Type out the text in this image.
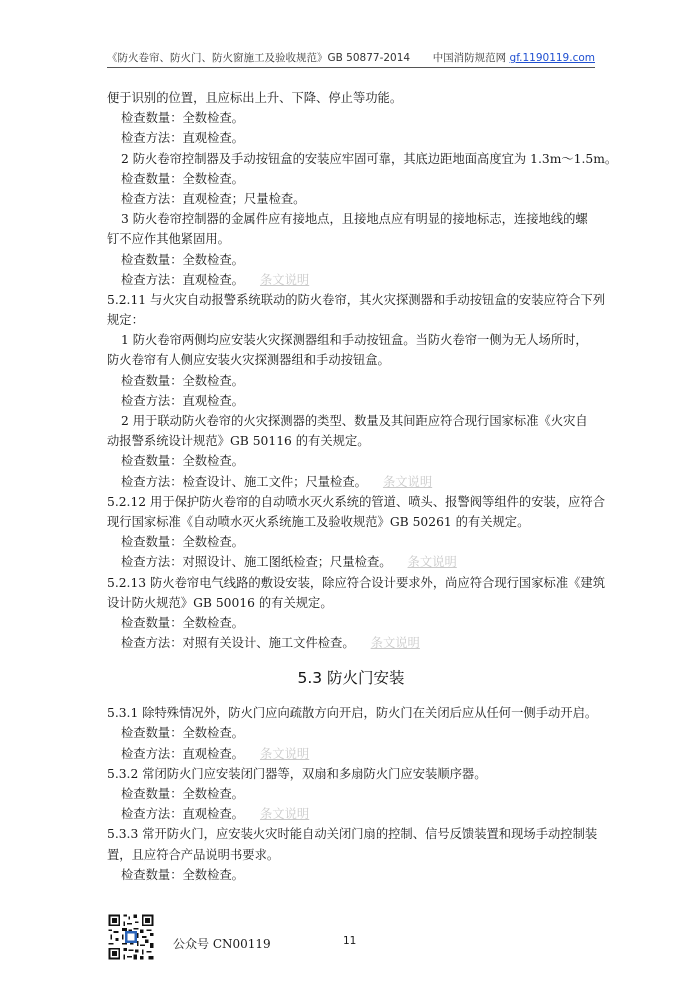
《防火卷帘、防火门、防火窗施工及验收规范》GB 50877-2014 中国消防规范网 gf.1190119.com
便于识别的位置，且应标出上升、下降、停止等功能。
检查数量：全数检查。
检查方法：直观检查。
2 防火卷帘控制器及手动按钮盒的安装应牢固可靠，其底边距地面高度宜为 1.3m～1.5m。
检查数量：全数检查。
检查方法：直观检查；尺量检查。
3 防火卷帘控制器的金属件应有接地点，且接地点应有明显的接地标志，连接地线的螺
钉不应作其他紧固用。
检查数量：全数检查。
检查方法：直观检查。 条文说明
5.2.11 与火灾自动报警系统联动的防火卷帘，其火灾探测器和手动按钮盒的安装应符合下列
规定：
1 防火卷帘两侧均应安装火灾探测器组和手动按钮盒。当防火卷帘一侧为无人场所时，
防火卷帘有人侧应安装火灾探测器组和手动按钮盒。
检查数量：全数检查。
检查方法：直观检查。
2 用于联动防火卷帘的火灾探测器的类型、数量及其间距应符合现行国家标准《火灾自
动报警系统设计规范》GB 50116 的有关规定。
检查数量：全数检查。
检查方法：检查设计、施工文件；尺量检查。 条文说明
5.2.12 用于保护防火卷帘的自动喷水灭火系统的管道、喷头、报警阀等组件的安装，应符合
现行国家标准《自动喷水灭火系统施工及验收规范》GB 50261 的有关规定。
检查数量：全数检查。
检查方法：对照设计、施工图纸检查；尺量检查。 条文说明
5.2.13 防火卷帘电气线路的敷设安装，除应符合设计要求外，尚应符合现行国家标准《建筑
设计防火规范》GB 50016 的有关规定。
检查数量：全数检查。
检查方法：对照有关设计、施工文件检查。 条文说明
5.3 防火门安装
5.3.1 除特殊情况外，防火门应向疏散方向开启，防火门在关闭后应从任何一侧手动开启。
检查数量：全数检查。
检查方法：直观检查。 条文说明
5.3.2 常闭防火门应安装闭门器等，双扇和多扇防火门应安装顺序器。
检查数量：全数检查。
检查方法：直观检查。 条文说明
5.3.3 常开防火门，应安装火灾时能自动关闭门扇的控制、信号反馈装置和现场手动控制装
置，且应符合产品说明书要求。
检查数量：全数检查。
公众号 CN00119	11
